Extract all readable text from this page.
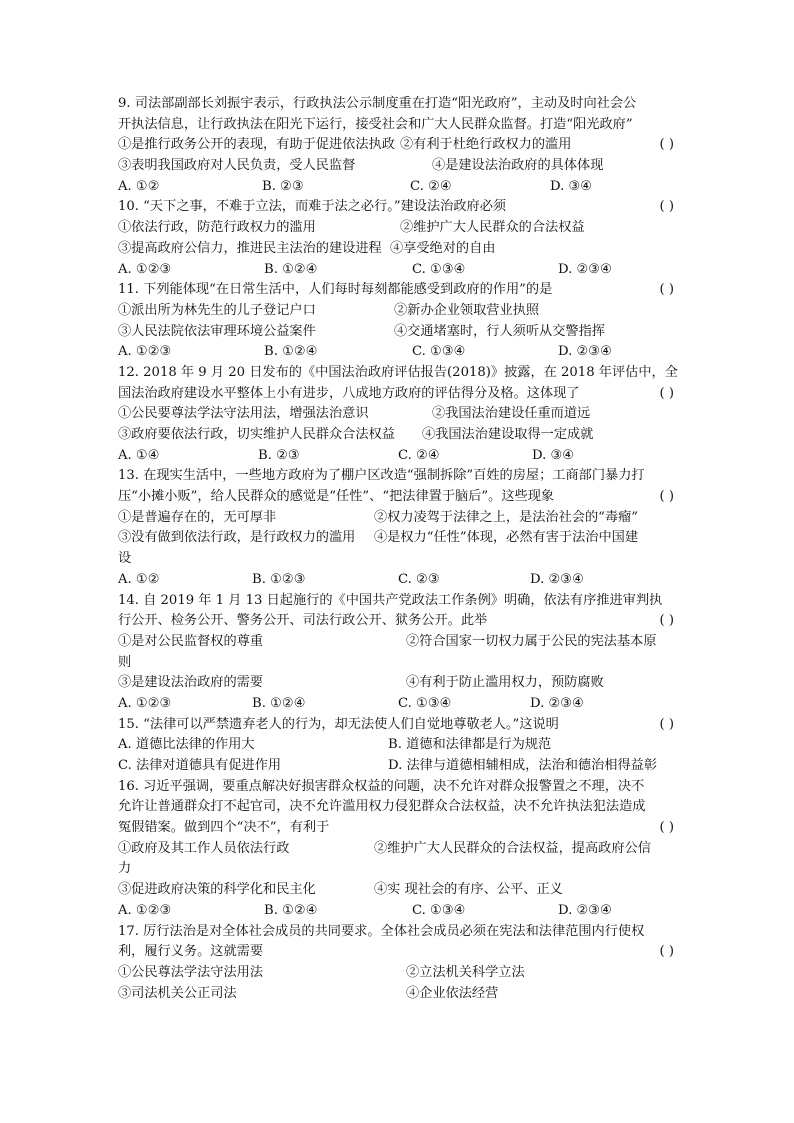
9. 司法部副部长刘振宇表示，行政执法公示制度重在打造“阳光政府”，主动及时向社会公
开执法信息，让行政执法在阳光下运行，接受社会和广大人民群众监督。打造“阳光政府”
①是推行政务公开的表现，有助于促进依法执政 ②有利于杜绝行政权力的滥用	( )
③表明我国政府对人民负责，受人民监督	④是建设法治政府的具体体现
A. ①②	B. ②③	C. ②④	D. ③④
10. “天下之事，不难于立法，而难于法之必行。”建设法治政府必须	( )
①依法行政，防范行政权力的滥用	②维护广大人民群众的合法权益
③提高政府公信力，推进民主法治的建设进程 ④享受绝对的自由
A. ①②③	B. ①②④	C. ①③④	D. ②③④
11. 下列能体现“在日常生活中，人们每时每刻都能感受到政府的作用”的是	( )
①派出所为林先生的儿子登记户口	②新办企业领取营业执照
③人民法院依法审理环境公益案件	④交通堵塞时，行人须听从交警指挥
A. ①②③	B. ①②④	C. ①③④	D. ②③④
12. 2018 年 9 月 20 日发布的《中国法治政府评估报告(2018)》披露，在 2018 年评估中，全
国法治政府建设水平整体上小有进步，八成地方政府的评估得分及格。这体现了	( )
①公民要尊法学法守法用法，增强法治意识	②我国法治建设任重而道远
③政府要依法行政，切实维护人民群众合法权益 ④我国法治建设取得一定成就
A. ①④	B. ②③	C. ②④	D. ③④
13. 在现实生活中，一些地方政府为了棚户区改造“强制拆除”百姓的房屋；工商部门暴力打
压“小摊小贩”，给人民群众的感觉是“任性”、“把法律置于脑后”。这些现象	( )
①是普遍存在的，无可厚非	②权力凌驾于法律之上，是法治社会的“毒瘤”
③没有做到依法行政，是行政权力的滥用 ④是权力“任性”体现，必然有害于法治中国建
设
A. ①②	B. ①②③	C. ②③	D. ②③④
14. 自 2019 年 1 月 13 日起施行的《中国共产党政法工作条例》明确，依法有序推进审判执
行公开、检务公开、警务公开、司法行政公开、狱务公开。此举	( )
①是对公民监督权的尊重	②符合国家一切权力属于公民的宪法基本原
则
③是建设法治政府的需要	④有利于防止滥用权力，预防腐败
A. ①②③	B. ①②④	C. ①③④	D. ②③④
15. “法律可以严禁遗弃老人的行为，却无法使人们自觉地尊敬老人。”这说明	( )
A. 道德比法律的作用大	B. 道德和法律都是行为规范
C. 法律对道德具有促进作用	D. 法律与道德相辅相成，法治和德治相得益彰
16. 习近平强调，要重点解决好损害群众权益的问题，决不允许对群众报警置之不理，决不
允许让普通群众打不起官司，决不允许滥用权力侵犯群众合法权益，决不允许执法犯法造成
冤假错案。做到四个“决不”，有利于	( )
①政府及其工作人员依法行政	②维护广大人民群众的合法权益，提高政府公信
力
③促进政府决策的科学化和民主化	④实 现社会的有序、公平、正义
A. ①②③	B. ①②④	C. ①③④	D. ②③④
17. 厉行法治是对全体社会成员的共同要求。全体社会成员必须在宪法和法律范围内行使权
利，履行义务。这就需要	( )
①公民尊法学法守法用法	②立法机关科学立法
③司法机关公正司法	④企业依法经营
